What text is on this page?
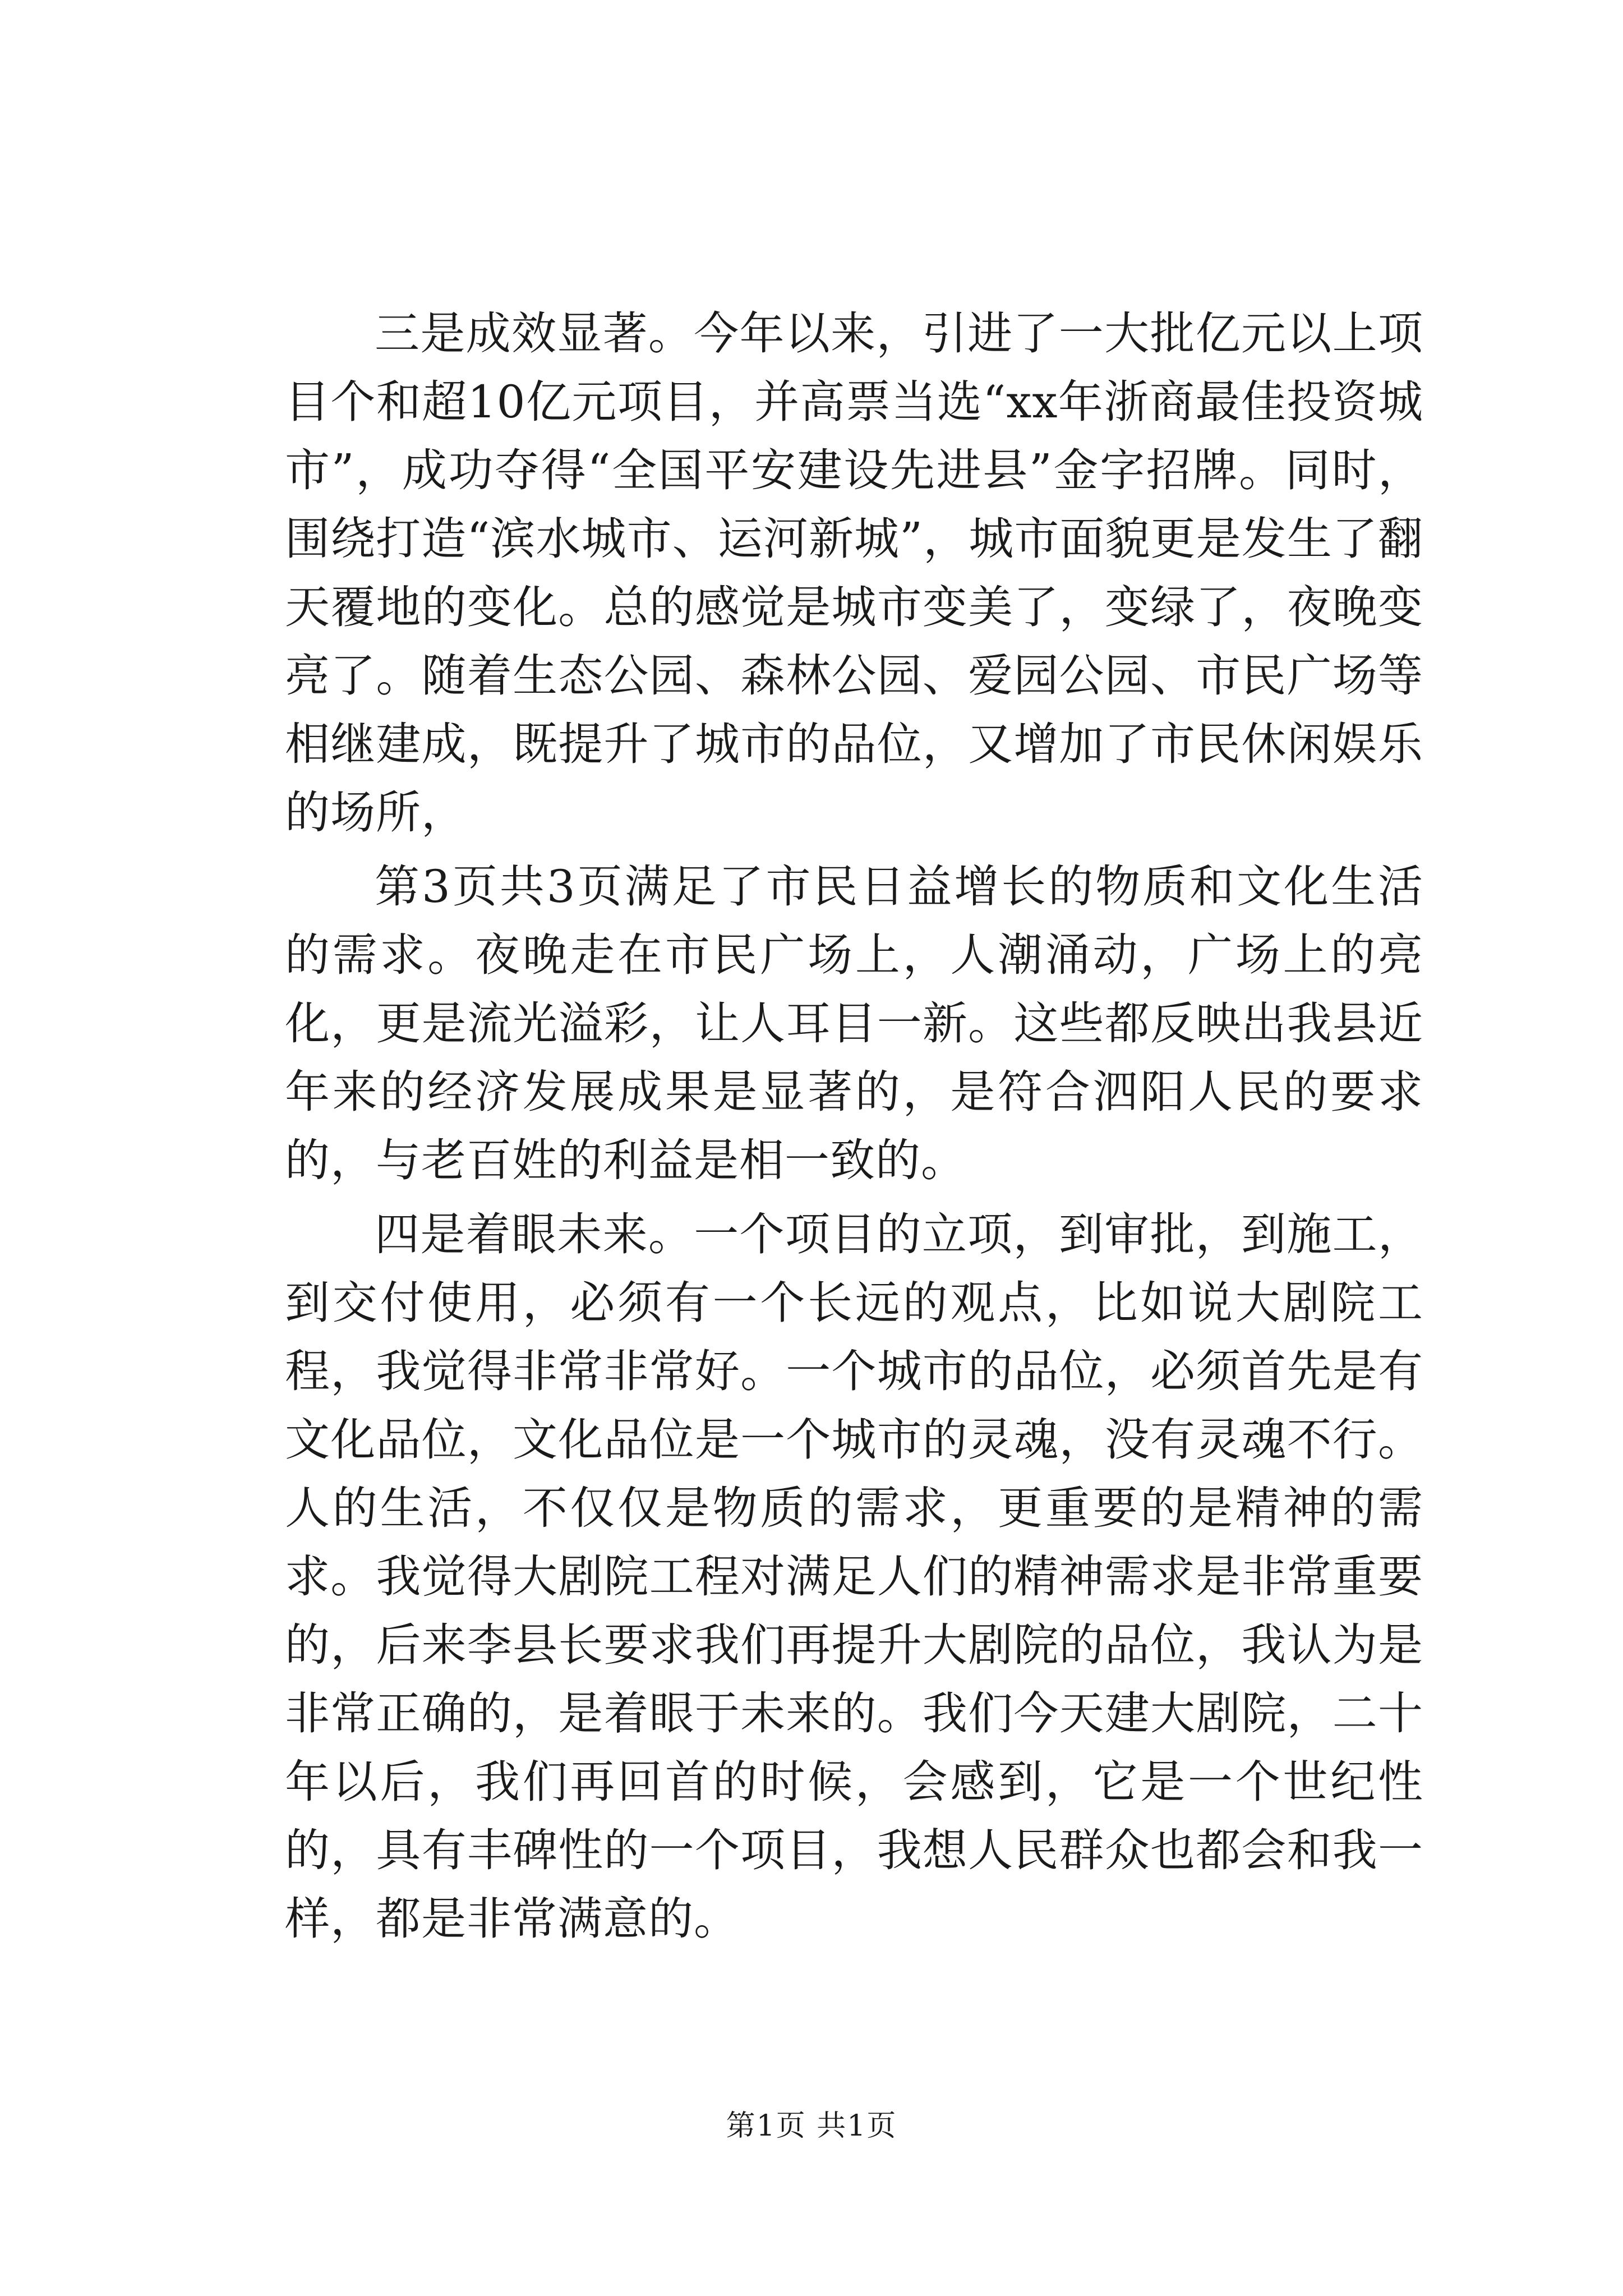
三是成效显著。今年以来，引进了一大批亿元以上项目个和超10亿元项目，并高票当选“xx年浙商最佳投资城市”，成功夺得“全国平安建设先进县”金字招牌。同时，围绕打造“滨水城市、运河新城”，城市面貌更是发生了翻天覆地的变化。总的感觉是城市变美了，变绿了，夜晚变亮了。随着生态公园、森林公园、爱园公园、市民广场等相继建成，既提升了城市的品位，又增加了市民休闲娱乐的场所，

第3页共3页满足了市民日益增长的物质和文化生活的需求。夜晚走在市民广场上，人潮涌动，广场上的亮化，更是流光溢彩，让人耳目一新。这些都反映出我县近年来的经济发展成果是显著的，是符合泗阳人民的要求的，与老百姓的利益是相一致的。

四是着眼未来。一个项目的立项，到审批，到施工，到交付使用，必须有一个长远的观点，比如说大剧院工程，我觉得非常非常好。一个城市的品位，必须首先是有文化品位，文化品位是一个城市的灵魂，没有灵魂不行。人的生活，不仅仅是物质的需求，更重要的是精神的需求。我觉得大剧院工程对满足人们的精神需求是非常重要的，后来李县长要求我们再提升大剧院的品位，我认为是非常正确的，是着眼于未来的。我们今天建大剧院，二十年以后，我们再回首的时候，会感到，它是一个世纪性的，具有丰碑性的一个项目，我想人民群众也都会和我一样，都是非常满意的。

第1页 共1页
